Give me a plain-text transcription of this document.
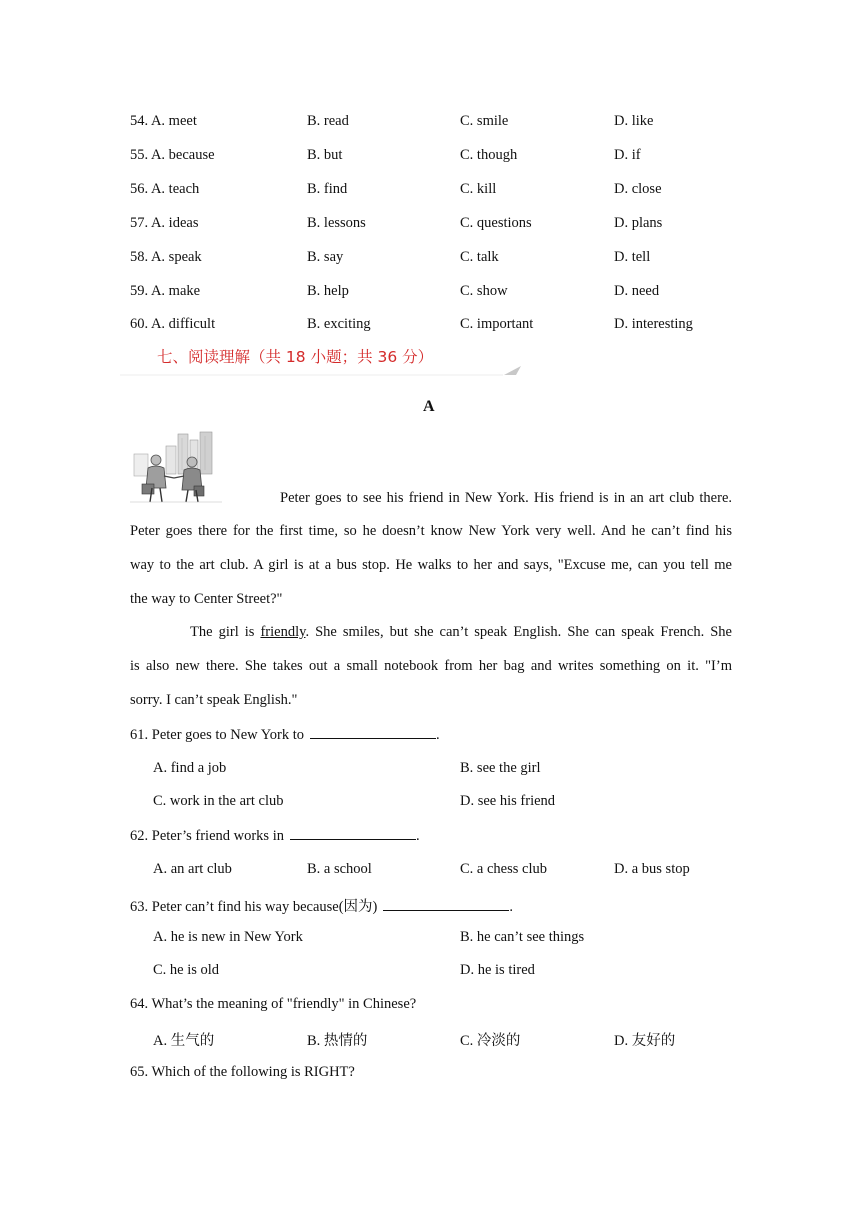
54. A. meet	B. read	C. smile	D. like
55. A. because	B. but	C. though	D. if
56. A. teach	B. find	C. kill	D. close
57. A. ideas	B. lessons	C. questions	D. plans
58. A. speak	B. say	C. talk	D. tell
59. A. make	B. help	C. show	D. need
60. A. difficult	B. exciting	C. important	D. interesting
七、阅读理解（共 18 小题；共 36 分）
A
Peter goes to see his friend in New York. His friend is in an art club there.
Peter goes there for the first time, so he doesn’t know New York very well. And he can’t find his
way to the art club. A girl is at a bus stop. He walks to her and says, "Excuse me, can you tell me
the way to Center Street?"
The girl is friendly. She smiles, but she can’t speak English. She can speak French. She
is also new there. She takes out a small notebook from her bag and writes something on it. "I’m
sorry. I can’t speak English."
61. Peter goes to New York to	.
A. find a job	B. see the girl
C. work in the art club	D. see his friend
62. Peter’s friend works in	.
A. an art club	B. a school	C. a chess club	D. a bus stop
63. Peter can’t find his way because(因为)	.
A. he is new in New York	B. he can’t see things
C. he is old	D. he is tired
64. What’s the meaning of "friendly" in Chinese?
A. 生气的	B. 热情的	C. 冷淡的	D. 友好的
65. Which of the following is RIGHT?
